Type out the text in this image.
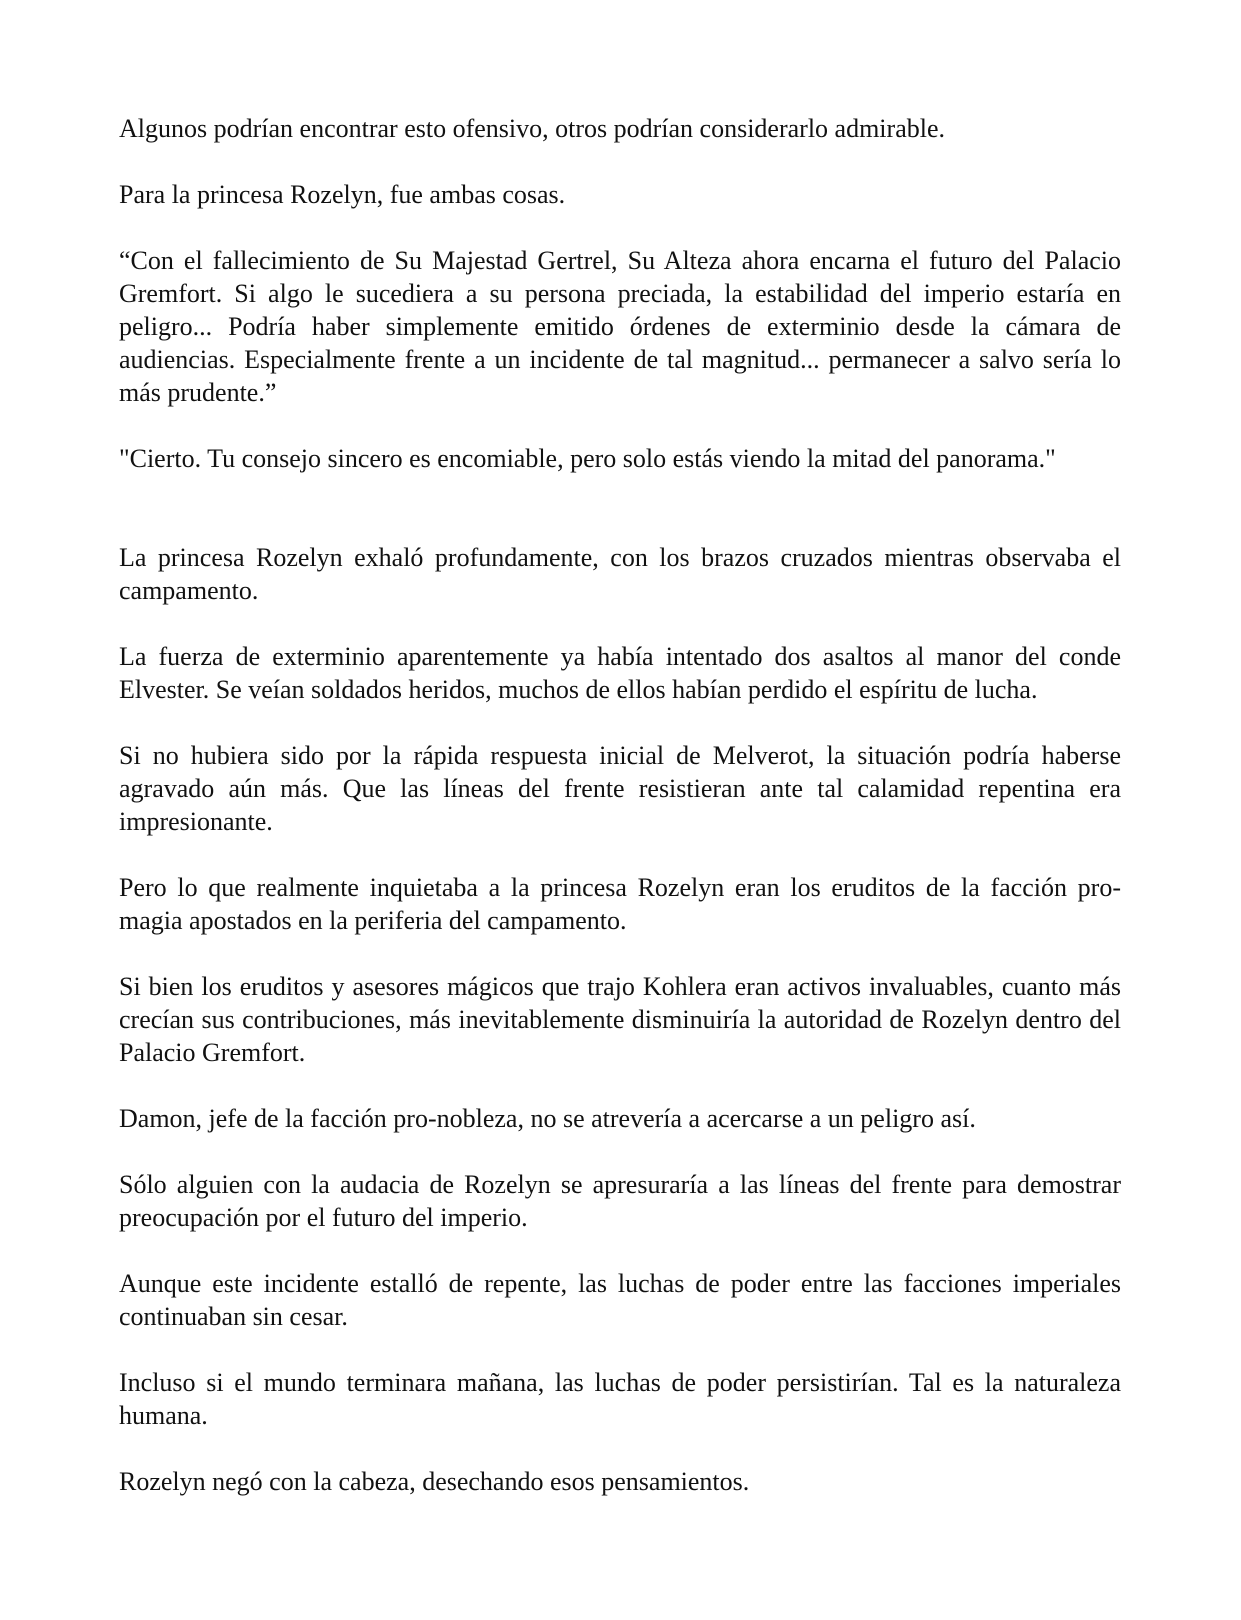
Algunos podrían encontrar esto ofensivo, otros podrían considerarlo admirable.

Para la princesa Rozelyn, fue ambas cosas.

“Con el fallecimiento de Su Majestad Gertrel, Su Alteza ahora encarna el futuro del Palacio Gremfort. Si algo le sucediera a su persona preciada, la estabilidad del imperio estaría en peligro... Podría haber simplemente emitido órdenes de exterminio desde la cámara de audiencias. Especialmente frente a un incidente de tal magnitud... permanecer a salvo sería lo más prudente.”

"Cierto. Tu consejo sincero es encomiable, pero solo estás viendo la mitad del panorama."

La princesa Rozelyn exhaló profundamente, con los brazos cruzados mientras observaba el campamento.

La fuerza de exterminio aparentemente ya había intentado dos asaltos al manor del conde Elvester. Se veían soldados heridos, muchos de ellos habían perdido el espíritu de lucha.

Si no hubiera sido por la rápida respuesta inicial de Melverot, la situación podría haberse agravado aún más. Que las líneas del frente resistieran ante tal calamidad repentina era impresionante.

Pero lo que realmente inquietaba a la princesa Rozelyn eran los eruditos de la facción pro-magia apostados en la periferia del campamento.

Si bien los eruditos y asesores mágicos que trajo Kohlera eran activos invaluables, cuanto más crecían sus contribuciones, más inevitablemente disminuiría la autoridad de Rozelyn dentro del Palacio Gremfort.

Damon, jefe de la facción pro-nobleza, no se atrevería a acercarse a un peligro así.

Sólo alguien con la audacia de Rozelyn se apresuraría a las líneas del frente para demostrar preocupación por el futuro del imperio.

Aunque este incidente estalló de repente, las luchas de poder entre las facciones imperiales continuaban sin cesar.

Incluso si el mundo terminara mañana, las luchas de poder persistirían. Tal es la naturaleza humana.

Rozelyn negó con la cabeza, desechando esos pensamientos.
